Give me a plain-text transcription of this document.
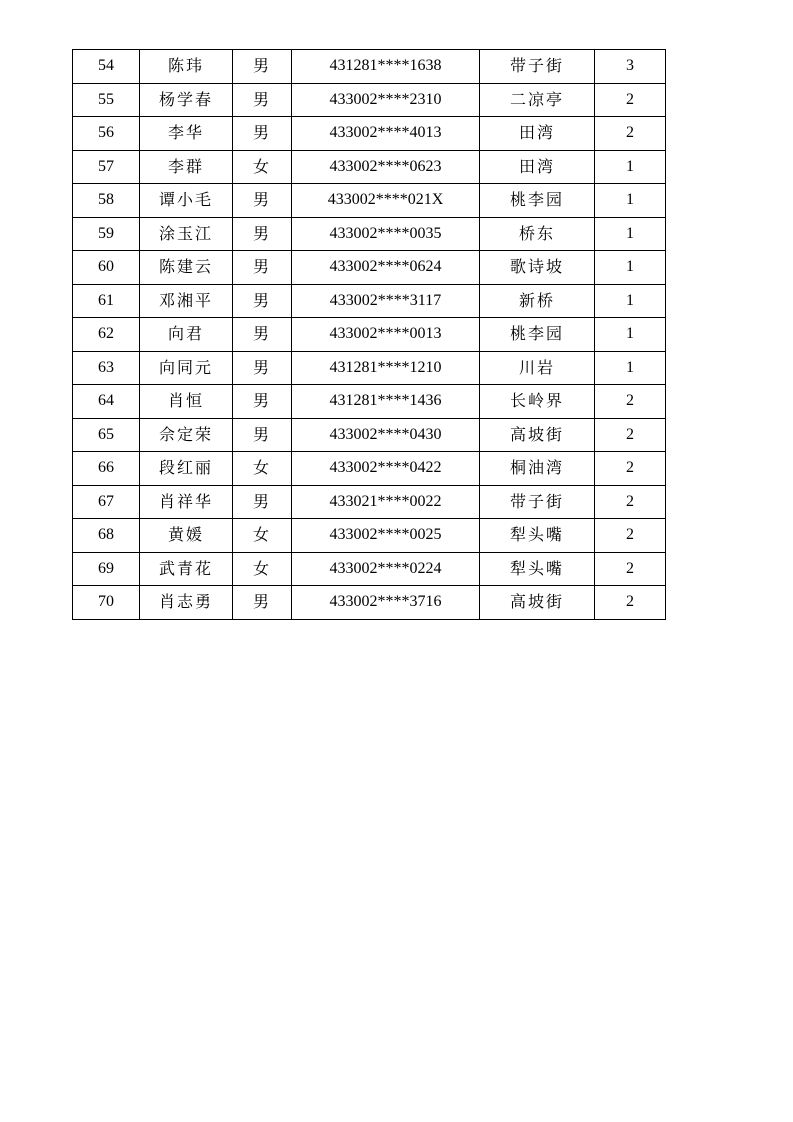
54	陈玮	男	431281****1638	带子街	3
55	杨学春	男	433002****2310	二凉亭	2
56	李华	男	433002****4013	田湾	2
57	李群	女	433002****0623	田湾	1
58	谭小毛	男	433002****021X	桃李园	1
59	涂玉江	男	433002****0035	桥东	1
60	陈建云	男	433002****0624	歌诗坡	1
61	邓湘平	男	433002****3117	新桥	1
62	向君	男	433002****0013	桃李园	1
63	向同元	男	431281****1210	川岩	1
64	肖恒	男	431281****1436	长岭界	2
65	佘定荣	男	433002****0430	高坡街	2
66	段红丽	女	433002****0422	桐油湾	2
67	肖祥华	男	433021****0022	带子街	2
68	黄媛	女	433002****0025	犁头嘴	2
69	武青花	女	433002****0224	犁头嘴	2
70	肖志勇	男	433002****3716	高坡街	2
